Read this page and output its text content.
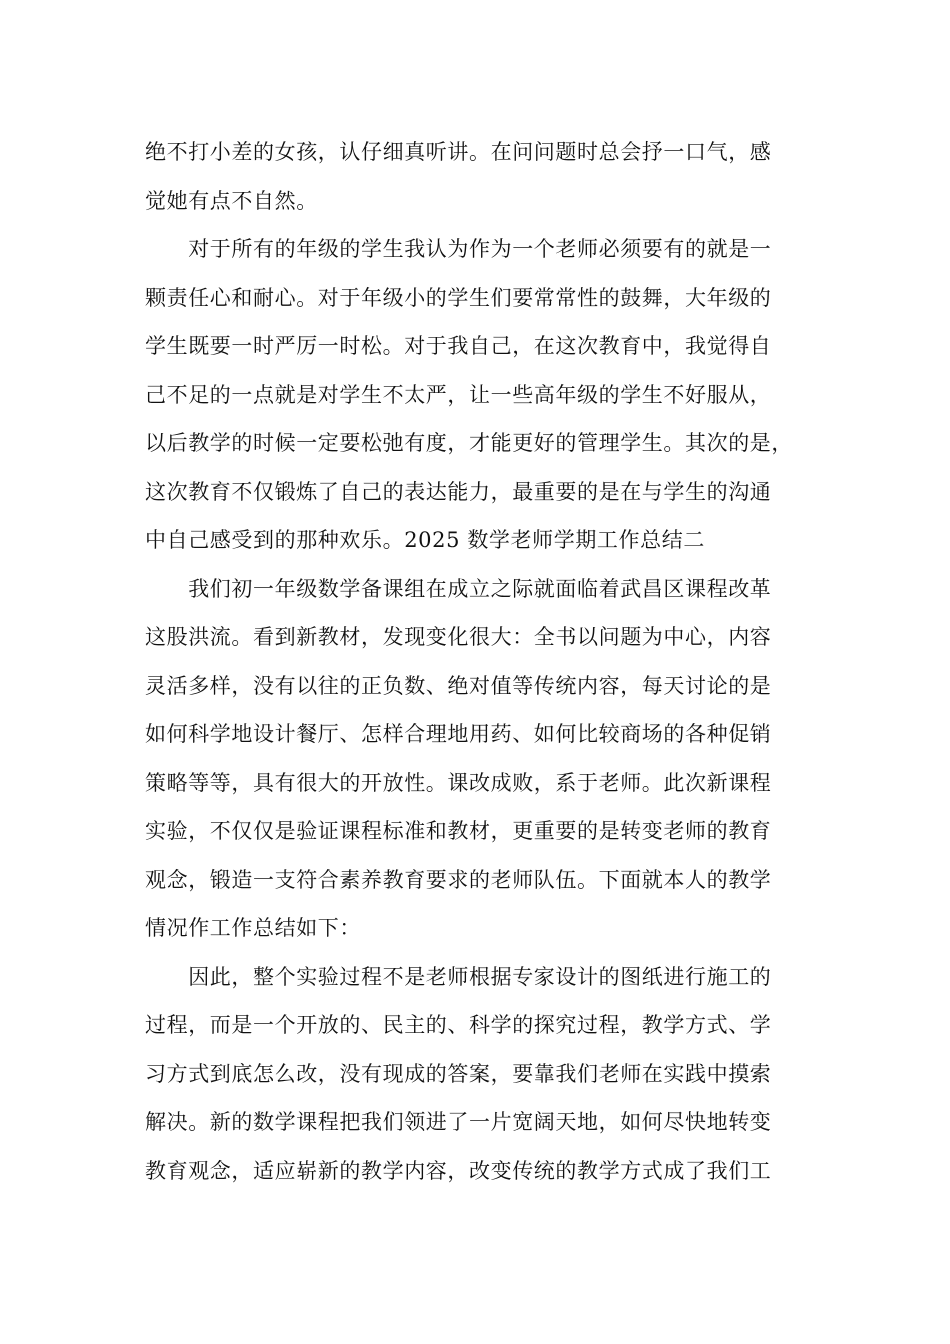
绝不打小差的女孩，认仔细真听讲。在问问题时总会抒一口气，感
觉她有点不自然。
　　对于所有的年级的学生我认为作为一个老师必须要有的就是一
颗责任心和耐心。对于年级小的学生们要常常性的鼓舞，大年级的
学生既要一时严厉一时松。对于我自己，在这次教育中，我觉得自
己不足的一点就是对学生不太严，让一些高年级的学生不好服从，
以后教学的时候一定要松弛有度，才能更好的管理学生。其次的是，
这次教育不仅锻炼了自己的表达能力，最重要的是在与学生的沟通
中自己感受到的那种欢乐。2025 数学老师学期工作总结二
　　我们初一年级数学备课组在成立之际就面临着武昌区课程改革
这股洪流。看到新教材，发现变化很大：全书以问题为中心，内容
灵活多样，没有以往的正负数、绝对值等传统内容，每天讨论的是
如何科学地设计餐厅、怎样合理地用药、如何比较商场的各种促销
策略等等，具有很大的开放性。课改成败，系于老师。此次新课程
实验，不仅仅是验证课程标准和教材，更重要的是转变老师的教育
观念，锻造一支符合素养教育要求的老师队伍。下面就本人的教学
情况作工作总结如下：
　　因此，整个实验过程不是老师根据专家设计的图纸进行施工的
过程，而是一个开放的、民主的、科学的探究过程，教学方式、学
习方式到底怎么改，没有现成的答案，要靠我们老师在实践中摸索
解决。新的数学课程把我们领进了一片宽阔天地，如何尽快地转变
教育观念，适应崭新的教学内容，改变传统的教学方式成了我们工
